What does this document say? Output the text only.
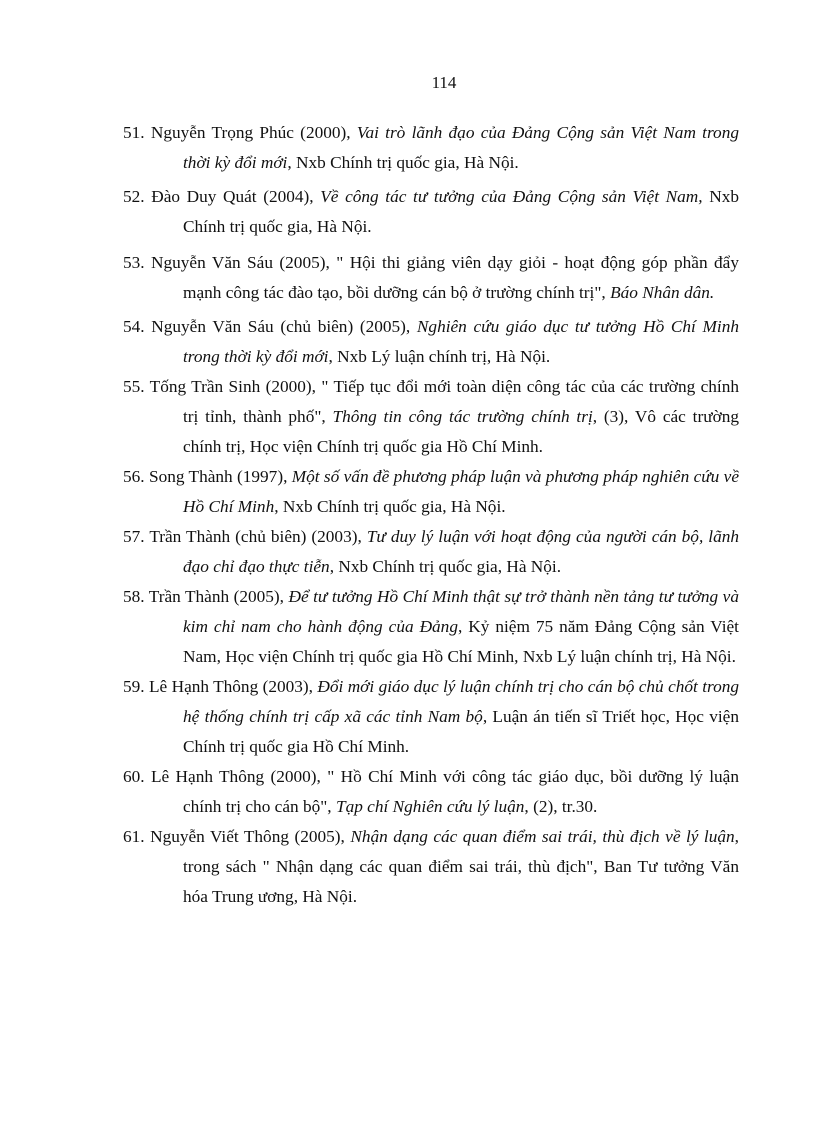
114
51. Nguyễn Trọng Phúc (2000), Vai trò lãnh đạo của Đảng Cộng sản Việt Nam trong thời kỳ đổi mới, Nxb Chính trị quốc gia, Hà Nội.
52. Đào Duy Quát (2004), Về công tác tư tưởng của Đảng Cộng sản Việt Nam, Nxb Chính trị quốc gia, Hà Nội.
53. Nguyễn Văn Sáu (2005), " Hội thi giảng viên dạy giỏi - hoạt động góp phần đẩy mạnh công tác đào tạo, bồi dưỡng cán bộ ở trường chính trị", Báo Nhân dân.
54. Nguyễn Văn Sáu (chủ biên) (2005), Nghiên cứu giáo dục tư tưởng Hồ Chí Minh trong thời kỳ đổi mới, Nxb Lý luận chính trị, Hà Nội.
55. Tống Trần Sinh (2000), " Tiếp tục đổi mới toàn diện công tác của các trường chính trị tỉnh, thành phố", Thông tin công tác trường chính trị, (3), Vô các trường chính trị, Học viện Chính trị quốc gia Hồ Chí Minh.
56. Song Thành (1997), Một số vấn đề phương pháp luận và phương pháp nghiên cứu về Hồ Chí Minh, Nxb Chính trị quốc gia, Hà Nội.
57. Trần Thành (chủ biên) (2003), Tư duy lý luận với hoạt động của người cán bộ, lãnh đạo chỉ đạo thực tiễn, Nxb Chính trị quốc gia, Hà Nội.
58. Trần Thành (2005), Để tư tưởng Hồ Chí Minh thật sự trở thành nền tảng tư tưởng và kim chỉ nam cho hành động của Đảng, Kỷ niệm 75 năm Đảng Cộng sản Việt Nam, Học viện Chính trị quốc gia Hồ Chí Minh, Nxb Lý luận chính trị, Hà Nội.
59. Lê Hạnh Thông (2003), Đổi mới giáo dục lý luận chính trị cho cán bộ chủ chốt trong hệ thống chính trị cấp xã các tỉnh Nam bộ, Luận án tiến sĩ Triết học, Học viện Chính trị quốc gia Hồ Chí Minh.
60. Lê Hạnh Thông (2000), " Hồ Chí Minh với công tác giáo dục, bồi dưỡng lý luận chính trị cho cán bộ", Tạp chí Nghiên cứu lý luận, (2), tr.30.
61. Nguyễn Viết Thông (2005), Nhận dạng các quan điểm sai trái, thù địch về lý luận, trong sách " Nhận dạng các quan điểm sai trái, thù địch", Ban Tư tưởng Văn hóa Trung ương, Hà Nội.
